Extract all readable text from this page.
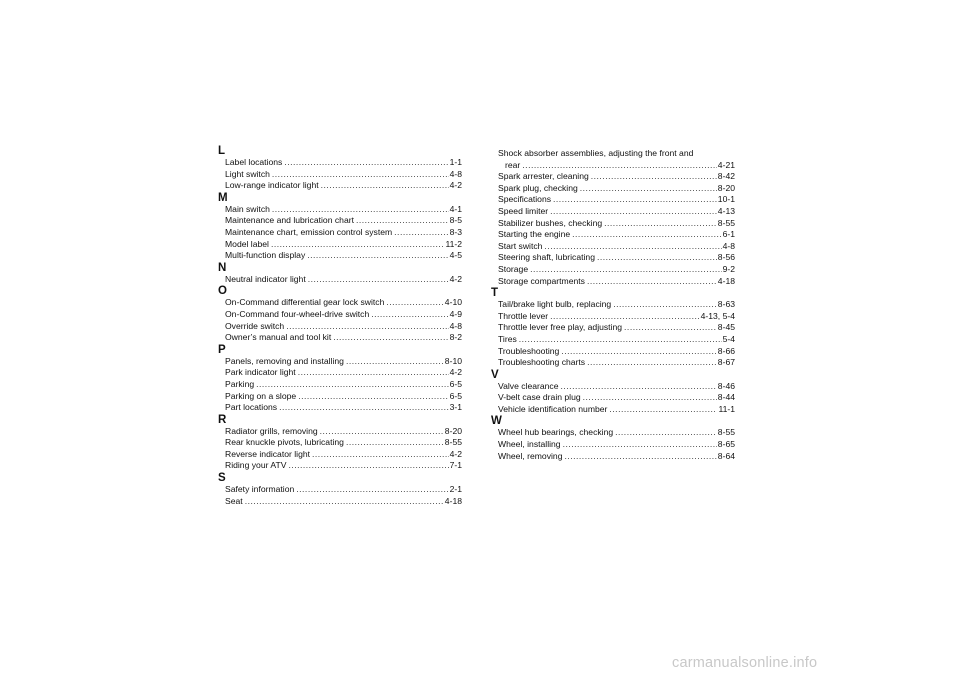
L
Label locations .....	1-1
Light switch .....	4-8
Low-range indicator light .....	4-2
M
Main switch .....	4-1
Maintenance and lubrication chart .....	8-5
Maintenance chart, emission control system .....	8-3
Model label .....	11-2
Multi-function display .....	4-5
N
Neutral indicator light .....	4-2
O
On-Command differential gear lock switch .....	4-10
On-Command four-wheel-drive switch .....	4-9
Override switch .....	4-8
Owner’s manual and tool kit .....	8-2
P
Panels, removing and installing .....	8-10
Park indicator light .....	4-2
Parking .....	6-5
Parking on a slope .....	6-5
Part locations .....	3-1
R
Radiator grills, removing .....	8-20
Rear knuckle pivots, lubricating .....	8-55
Reverse indicator light .....	4-2
Riding your ATV .....	7-1
S
Safety information .....	2-1
Seat .....	4-18
Shock absorber assemblies, adjusting the front and
rear .....	4-21
Spark arrester, cleaning .....	8-42
Spark plug, checking .....	8-20
Specifications .....	10-1
Speed limiter .....	4-13
Stabilizer bushes, checking .....	8-55
Starting the engine .....	6-1
Start switch .....	4-8
Steering shaft, lubricating .....	8-56
Storage .....	9-2
Storage compartments .....	4-18
T
Tail/brake light bulb, replacing .....	8-63
Throttle lever .....	4-13, 5-4
Throttle lever free play, adjusting .....	8-45
Tires .....	5-4
Troubleshooting .....	8-66
Troubleshooting charts .....	8-67
V
Valve clearance .....	8-46
V-belt case drain plug .....	8-44
Vehicle identification number .....	11-1
W
Wheel hub bearings, checking .....	8-55
Wheel, installing .....	8-65
Wheel, removing .....	8-64
carmanualsonline.info
